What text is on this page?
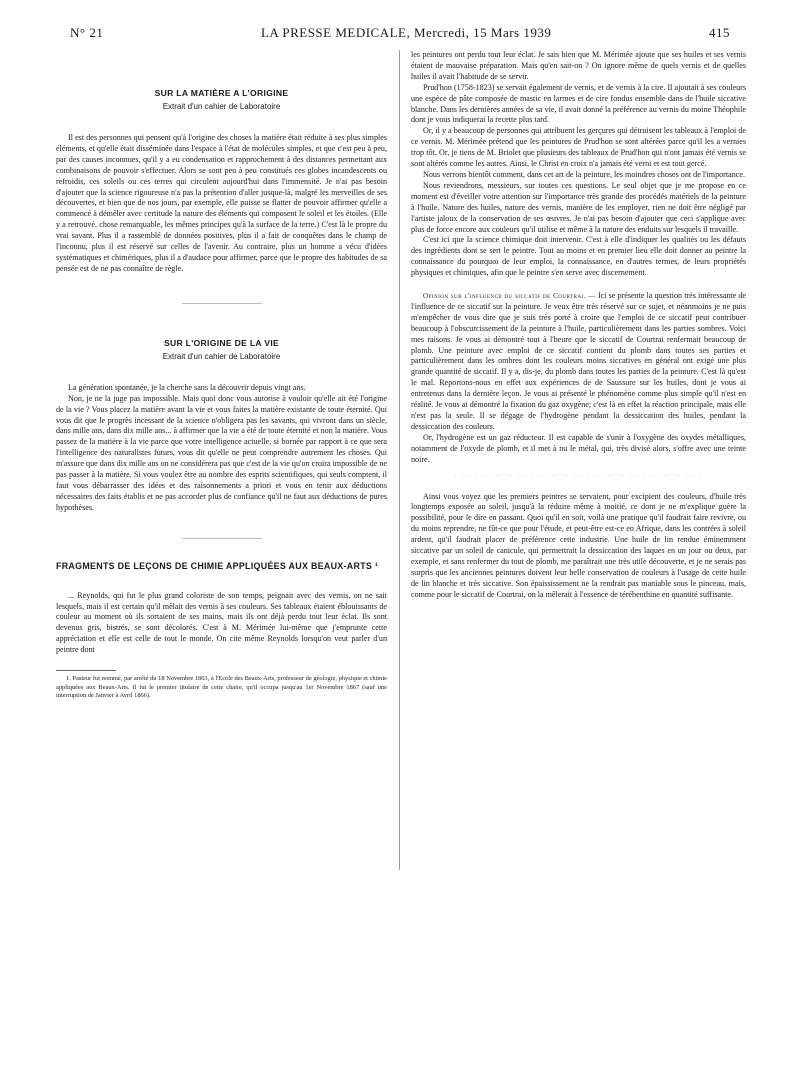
N° 21	LA PRESSE MEDICALE, Mercredi, 15 Mars 1939	415
SUR LA MATIÈRE A L'ORIGINE

Extrait d'un cahier de Laboratoire

Il est des personnes qui pensent qu'à l'origine des choses la matière était réduite à ses plus simples éléments, et qu'elle était disséminée dans l'espace à l'état de molécules simples, et que c'est peu à peu, par des causes inconnues, qu'il y a eu condensation et rapprochement à des distances permettant aux combinaisons de pouvoir s'effectuer. Alors se sont peu à peu constitués ces globes incandescents ou refroidis, ces soleils ou ces terres qui circulent aujourd'hui dans l'immensité. Je n'ai pas besoin d'ajouter que la science rigoureuse n'a pas la prétention d'aller jusque-là, malgré les merveilles de ses découvertes, et bien que de nos jours, par exemple, elle puisse se flatter de pouvoir affirmer qu'elle a commencé à démêler avec certitude la nature des éléments qui composent le soleil et les étoiles. (Elle y a retrouvé, chose remarquable, les mêmes principes qu'à la surface de la terre.) C'est là le propre du vrai savant. Plus il a rassemblé de données positives, plus il a fait de conquêtes dans le champ de l'inconnu, plus il est réservé sur celles de l'avenir. Au contraire, plus un homme a vécu d'idées systématiques et chimériques, plus il a d'audace pour affirmer, parce que le propre des habitudes de sa pensée est de ne pas connaître de règle.

SUR L'ORIGINE DE LA VIE

Extrait d'un cahier de Laboratoire

La génération spontanée, je la cherche sans la découvrir depuis vingt ans.

Non, je ne la juge pas impossible. Mais quoi donc vous autorise à vouloir qu'elle ait été l'origine de la vie ? Vous placez la matière avant la vie et vous faites la matière existante de toute éternité. Qui vous dit que le progrès incessant de la science n'obligera pas les savants, qui vivront dans un siècle, dans mille ans, dans dix mille ans... à affirmer que la vie a été de toute éternité et non la matière. Vous passez de la matière à la vie parce que votre intelligence actuelle, si bornée par rapport à ce que sera l'intelligence des naturalistes futurs, vous dit qu'elle ne peut comprendre autrement les choses. Qui m'assure que dans dix mille ans on ne considérera pas que c'est de la vie qu'on croira impossible de ne pas passer à la matière. Si vous voulez être au nombre des esprits scientifiques, qui seuls comptent, il faut vous débarrasser des idées et des raisonnements a priori et vous en tenir aux déductions nécessaires des faits établis et ne pas accorder plus de confiance qu'il ne faut aux déductions de pures hypothèses.

FRAGMENTS DE LEÇONS DE CHIMIE APPLIQUÉES AUX BEAUX-ARTS ¹

... Reynolds, qui fut le plus grand coloriste de son temps, peignait avec des vernis, on ne sait lesquels, mais il est certain qu'il mêlait des vernis à ses couleurs. Ses tableaux étaient éblouissants de couleur au moment où ils sortaient de ses mains, mais ils ont déjà perdu tout leur éclat. Ils sont devenus gris, bistrés, se sont décolorés. C'est à M. Mérimée lui-même que j'emprunte cette appréciation et elle est celle de tout le monde. On cite même Reynolds lorsqu'on veut parler d'un peintre dont

1. Pasteur fut nommé, par arrêté du 18 Novembre 1863, à l'Ecole des Beaux-Arts, professeur de géologie, physique et chimie appliquées aux Beaux-Arts. Il fut le premier titulaire de cette chaire, qu'il occupa jusqu'au 1er Novembre 1867 (sauf une interruption de Janvier à Avril 1866).

les peintures ont perdu tout leur éclat. Je sais bien que M. Mérimée ajoute que ses huiles et ses vernis étaient de mauvaise préparation. Mais qu'en sait-on ? On ignore même de quels vernis et de quelles huiles il avait l'habitude de se servir.

Prud'hon (1758-1823) se servait également de vernis, et de vernis à la cire. Il ajoutait à ses couleurs une espèce de pâte composée de mastic en larmes et de cire fondus ensemble dans de l'huile siccative blanche. Dans les dernières années de sa vie, il avait donné la préférence au vernis du moine Théophile dont je vous indiquerai la recette plus tard.

Or, il y a beaucoup de personnes qui attribuent les gerçures qui détruisent les tableaux à l'emploi de ce vernis. M. Mérimée prétend que les peintures de Prud'hon se sont altérées parce qu'il les a vernies trop tôt. Or, je tiens de M. Briolet que plusieurs des tableaux de Prud'hon qui n'ont jamais été vernis se sont altérés comme les autres. Ainsi, le Christ en croix n'a jamais été verni et est tout gercé.

Nous verrons bientôt comment, dans cet art de la peinture, les moindres choses ont de l'importance.

Nous reviendrons, messieurs, sur toutes ces questions. Le seul objet que je me propose en ce moment est d'éveiller votre attention sur l'importance très grande des procédés matériels de la peinture à l'huile. Nature des huiles, nature des vernis, manière de les employer, rien ne doit être négligé par l'artiste jaloux de la conservation de ses œuvres. Je n'ai pas besoin d'ajouter que ceci s'applique avec plus de force encore aux couleurs qu'il utilise et même à la nature des enduits sur lesquels il travaille.

C'est ici que la science chimique doit intervenir. C'est à elle d'indiquer les qualités ou les défauts des ingrédients dont se sert le peintre. Tout au moins et en premier lieu elle doit donner au peintre la connaissance du pourquoi de leur emploi, la connaissance, en d'autres termes, de leurs propriétés physiques et chimiques, afin que le peintre s'en serve avec discernement.

Opinion sur l'influence du siccatif de Courtrai. — Ici se présente la question très intéressante de l'influence de ce siccatif sur la peinture. Je veux être très réservé sur ce sujet, et néanmoins je ne puis m'empêcher de vous dire que je suis très porté à croire que l'emploi de ce siccatif peut contribuer beaucoup à l'obscurcissement de la peinture à l'huile, particulièrement dans les parties sombres. Voici mes raisons. Je vous ai démontré tout à l'heure que le siccatif de Courtrai renfermait beaucoup de plomb. Une peinture avec emploi de ce siccatif contient du plomb dans toutes ses parties et particulièrement dans les ombres dont les couleurs moins siccatives en général ont exigé une plus grande quantité de siccatif. Il y a, dis-je, du plomb dans toutes les parties de la peinture. C'est là qu'est le mal. Reportons-nous en effet aux expériences de de Saussure sur les huiles, dont je vous ai entretenus dans la dernière leçon. Je vous ai présenté le phénomène comme plus simple qu'il n'est en réalité. Je vous ai démontré la fixation du gaz oxygène; c'est là en effet la réaction principale, mais elle n'est pas la seule. Il se dégage de l'hydrogène pendant la dessiccation des huiles, pendant la dessiccation des couleurs.

Or, l'hydrogène est un gaz réducteur. Il est capable de s'unir à l'oxygène des oxydes métalliques, notamment de l'oxyde de plomb, et il met à nu le métal, qui, très divisé alors, s'offre avec une teinte noire.

. . . . . . . . . . . . . . . . . . . . . . . . . . . . . . . . . . . .

Ainsi vous voyez que les premiers peintres se servaient, pour excipient des couleurs, d'huile très longtemps exposée au soleil, jusqu'à la réduire même à moitié, ce dont je ne m'explique guère la possibilité, pour le dire en passant. Quoi qu'il en soit, voilà une pratique qu'il faudrait faire revivre, ou du moins reprendre, ne fût-ce que pour l'étude, et peut-être est-ce en Afrique, dans les contrées à soleil ardent, qu'il faudrait placer de préférence cette industrie. Une huile de lin rendue éminemment siccative par un soleil de canicule, qui permettrait la dessiccation des laques en un jour ou deux, par exemple, et sans renfermer du tout de plomb, me paraîtrait une très utile découverte, et je ne serais pas surpris que les anciennes peintures doivent leur belle conservation de couleurs à l'usage de cette huile de lin blanche et très siccative. Son épaississement ne la rendrait pas maniable sous le pinceau, mais, comme pour le siccatif de Courtrai, on la mêlerait à l'essence de térébenthine en quantité suffisante.
